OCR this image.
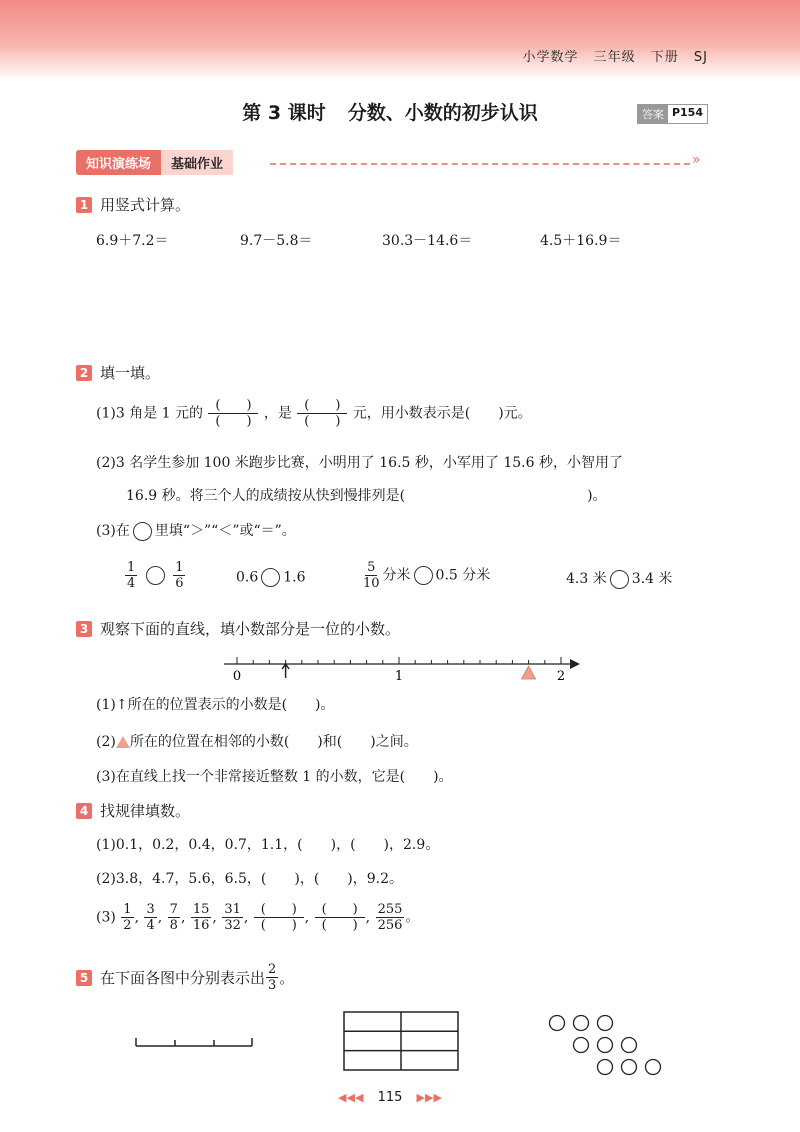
小学数学 三年级 下册 SJ
第 3 课时 分数、小数的初步认识	答案 P154
知识演练场	基础作业	»
1 用竖式计算。
6.9＋7.2＝	9.7－5.8＝	30.3－14.6＝	4.5＋16.9＝
2 填一填。
(1)3 角是 1 元的 $\frac{( )}{( )}$ ，是 $\frac{( )}{( )}$ 元，用小数表示是(　　)元。
(2)3 名学生参加 100 米跑步比赛，小明用了 16.5 秒，小军用了 15.6 秒，小智用了
16.9 秒。将三个人的成绩按从快到慢排列是(　　　　　　　　　　　　　)。
(3)在 里填“＞”“＜”或“＝”。
$\frac{1}{4}$
	$\frac{1}{6}$	0.6 1.6	$\frac{5}{10}$ 分米 0.5 分米	4.3 米 3.4 米
3 观察下面的直线，填小数部分是一位的小数。
0	1	2
(1)↑所在的位置表示的小数是(　　)。
(2) 所在的位置在相邻的小数(　　)和(　　)之间。
(3)在直线上找一个非常接近整数 1 的小数，它是(　　)。
4 找规律填数。
(1)0.1，0.2，0.4，0.7，1.1，(　　)，(　　)，2.9。
(2)3.8，4.7，5.6，6.5，(　　)，(　　)，9.2。
$(3) \frac{1}{2}$ , $\frac{3}{4}$ , $\frac{7}{8}$ , $\frac{15}{16}$ , $\frac{31}{32}$ , $\frac{( )}{( )}$ , $\frac{( )}{( )}$ , $\frac{255}{256}$ 。
5 在下面各图中分别表示出 $\frac{2}{3}$ 。
◀◀◀ 115 ▶▶▶
